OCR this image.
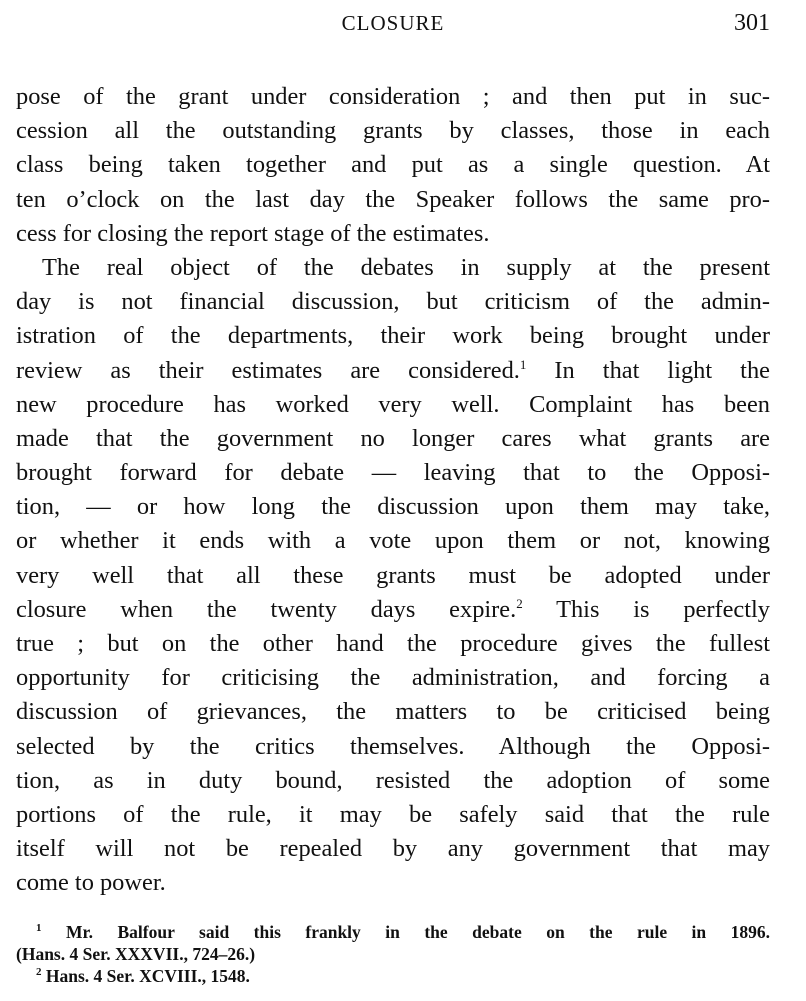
CLOSURE	301

pose of the grant under consideration ; and then put in suc-
cession all the outstanding grants by classes, those in each
class being taken together and put as a single question. At
ten o’clock on the last day the Speaker follows the same pro-
cess for closing the report stage of the estimates.

The real object of the debates in supply at the present
day is not financial discussion, but criticism of the admin-
istration of the departments, their work being brought under
review as their estimates are considered.$^1$ In that light the
new procedure has worked very well. Complaint has been
made that the government no longer cares what grants are
brought forward for debate — leaving that to the Opposi-
tion, — or how long the discussion upon them may take,
or whether it ends with a vote upon them or not, knowing
very well that all these grants must be adopted under
closure when the twenty days expire.$^2$ This is perfectly
true ; but on the other hand the procedure gives the fullest
opportunity for criticising the administration, and forcing a
discussion of grievances, the matters to be criticised being
selected by the critics themselves. Although the Opposi-
tion, as in duty bound, resisted the adoption of some
portions of the rule, it may be safely said that the rule
itself will not be repealed by any government that may
come to power.

$^1$ Mr. Balfour said this frankly in the debate on the rule in 1896.
(Hans. 4 Ser. XXXVII., 724–26.)
$^2$ Hans. 4 Ser. XCVIII., 1548.
